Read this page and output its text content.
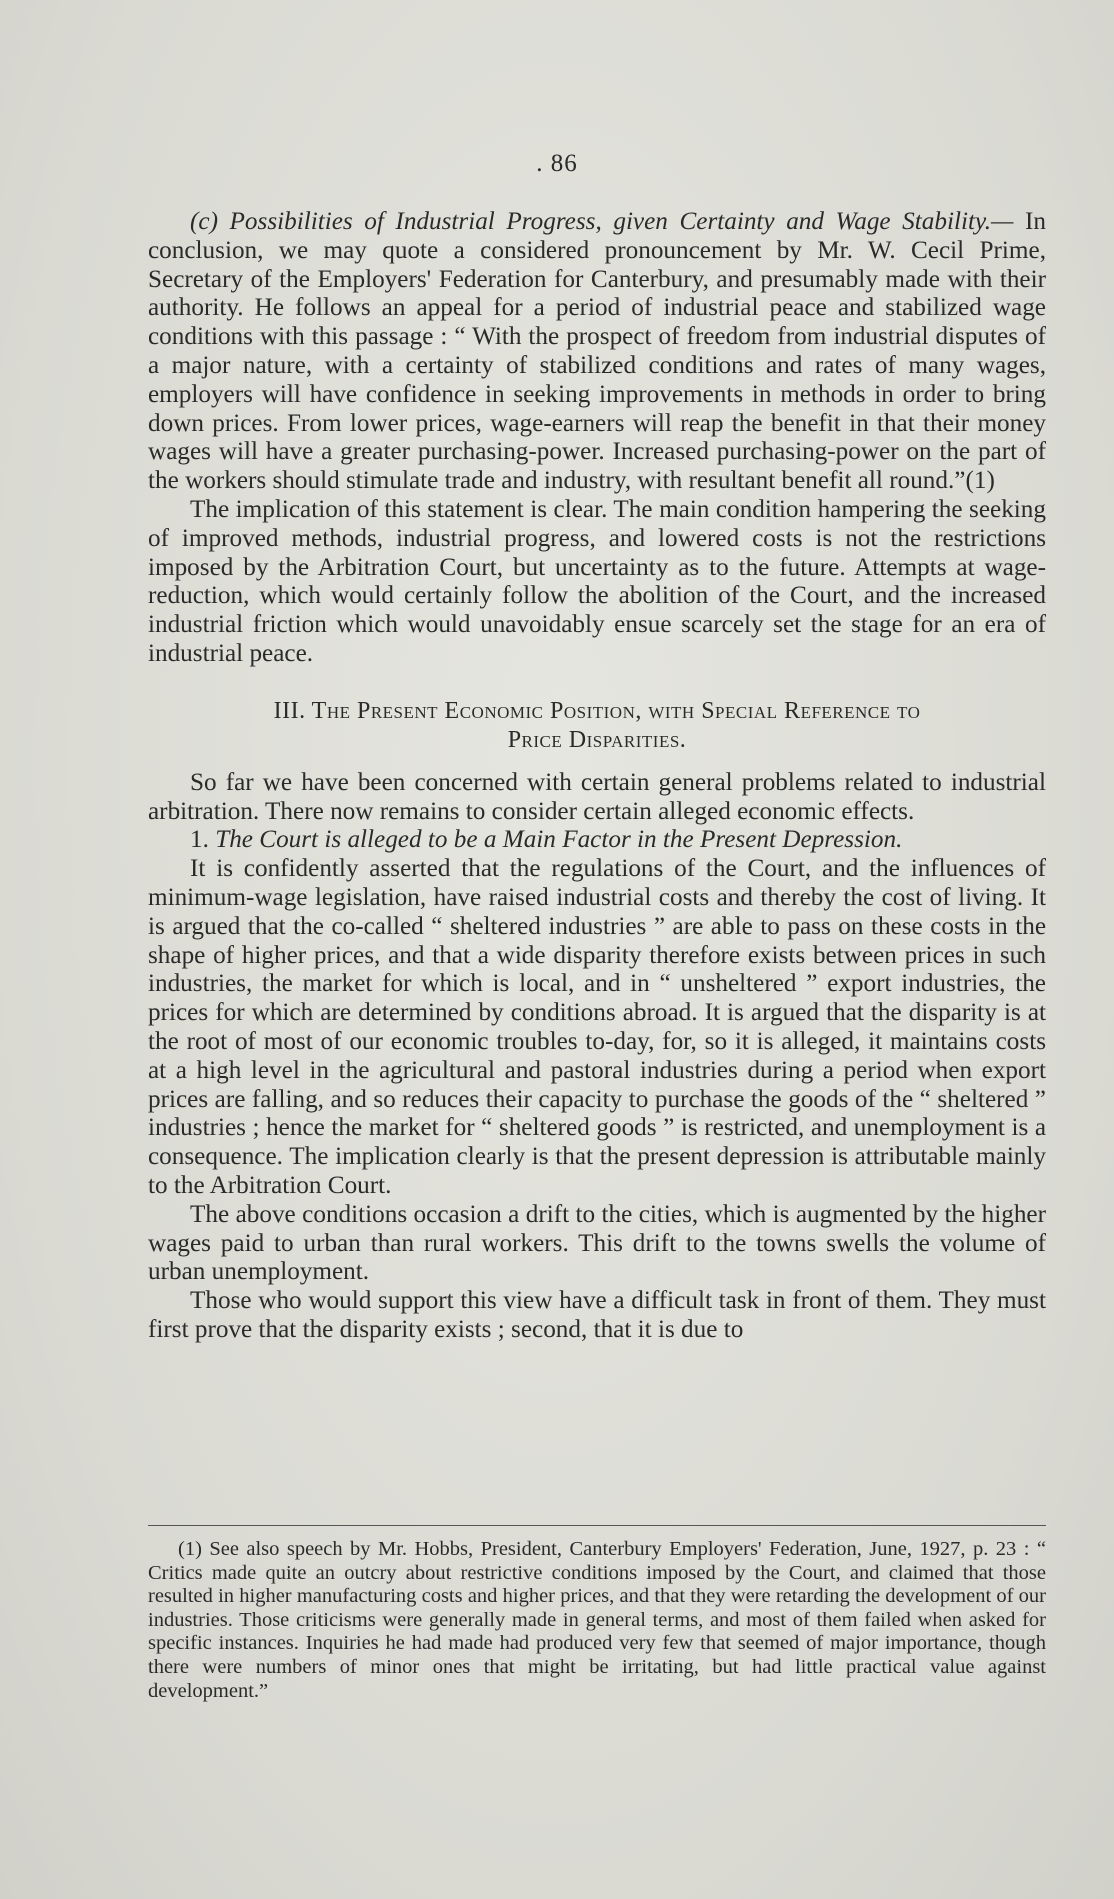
. 86

(c) Possibilities of Industrial Progress, given Certainty and Wage Stability.— In conclusion, we may quote a considered pronouncement by Mr. W. Cecil Prime, Secretary of the Employers' Federation for Canterbury, and presumably made with their authority. He follows an appeal for a period of industrial peace and stabilized wage conditions with this passage : “ With the prospect of freedom from industrial disputes of a major nature, with a certainty of stabilized conditions and rates of many wages, employers will have confidence in seeking improvements in methods in order to bring down prices. From lower prices, wage-earners will reap the benefit in that their money wages will have a greater purchasing-power. Increased purchasing-power on the part of the workers should stimulate trade and industry, with resultant benefit all round.”(1)

The implication of this statement is clear. The main condition hampering the seeking of improved methods, industrial progress, and lowered costs is not the restrictions imposed by the Arbitration Court, but uncertainty as to the future. Attempts at wage-reduction, which would certainly follow the abolition of the Court, and the increased industrial friction which would unavoidably ensue scarcely set the stage for an era of industrial peace.

III. The Present Economic Position, with Special Reference to
Price Disparities.

So far we have been concerned with certain general problems related to industrial arbitration. There now remains to consider certain alleged economic effects.

1. The Court is alleged to be a Main Factor in the Present Depression.

It is confidently asserted that the regulations of the Court, and the influences of minimum-wage legislation, have raised industrial costs and thereby the cost of living. It is argued that the co-called “ sheltered industries ” are able to pass on these costs in the shape of higher prices, and that a wide disparity therefore exists between prices in such industries, the market for which is local, and in “ unsheltered ” export industries, the prices for which are determined by conditions abroad. It is argued that the disparity is at the root of most of our economic troubles to-day, for, so it is alleged, it maintains costs at a high level in the agricultural and pastoral industries during a period when export prices are falling, and so reduces their capacity to purchase the goods of the “ sheltered ” industries ; hence the market for “ sheltered goods ” is restricted, and unemployment is a consequence. The implication clearly is that the present depression is attributable mainly to the Arbitration Court.

The above conditions occasion a drift to the cities, which is augmented by the higher wages paid to urban than rural workers. This drift to the towns swells the volume of urban unemployment.

Those who would support this view have a difficult task in front of them. They must first prove that the disparity exists ; second, that it is due to

(1) See also speech by Mr. Hobbs, President, Canterbury Employers' Federation, June, 1927, p. 23 : “ Critics made quite an outcry about restrictive conditions imposed by the Court, and claimed that those resulted in higher manufacturing costs and higher prices, and that they were retarding the development of our industries. Those criticisms were generally made in general terms, and most of them failed when asked for specific instances. Inquiries he had made had produced very few that seemed of major importance, though there were numbers of minor ones that might be irritating, but had little practical value against development.”
